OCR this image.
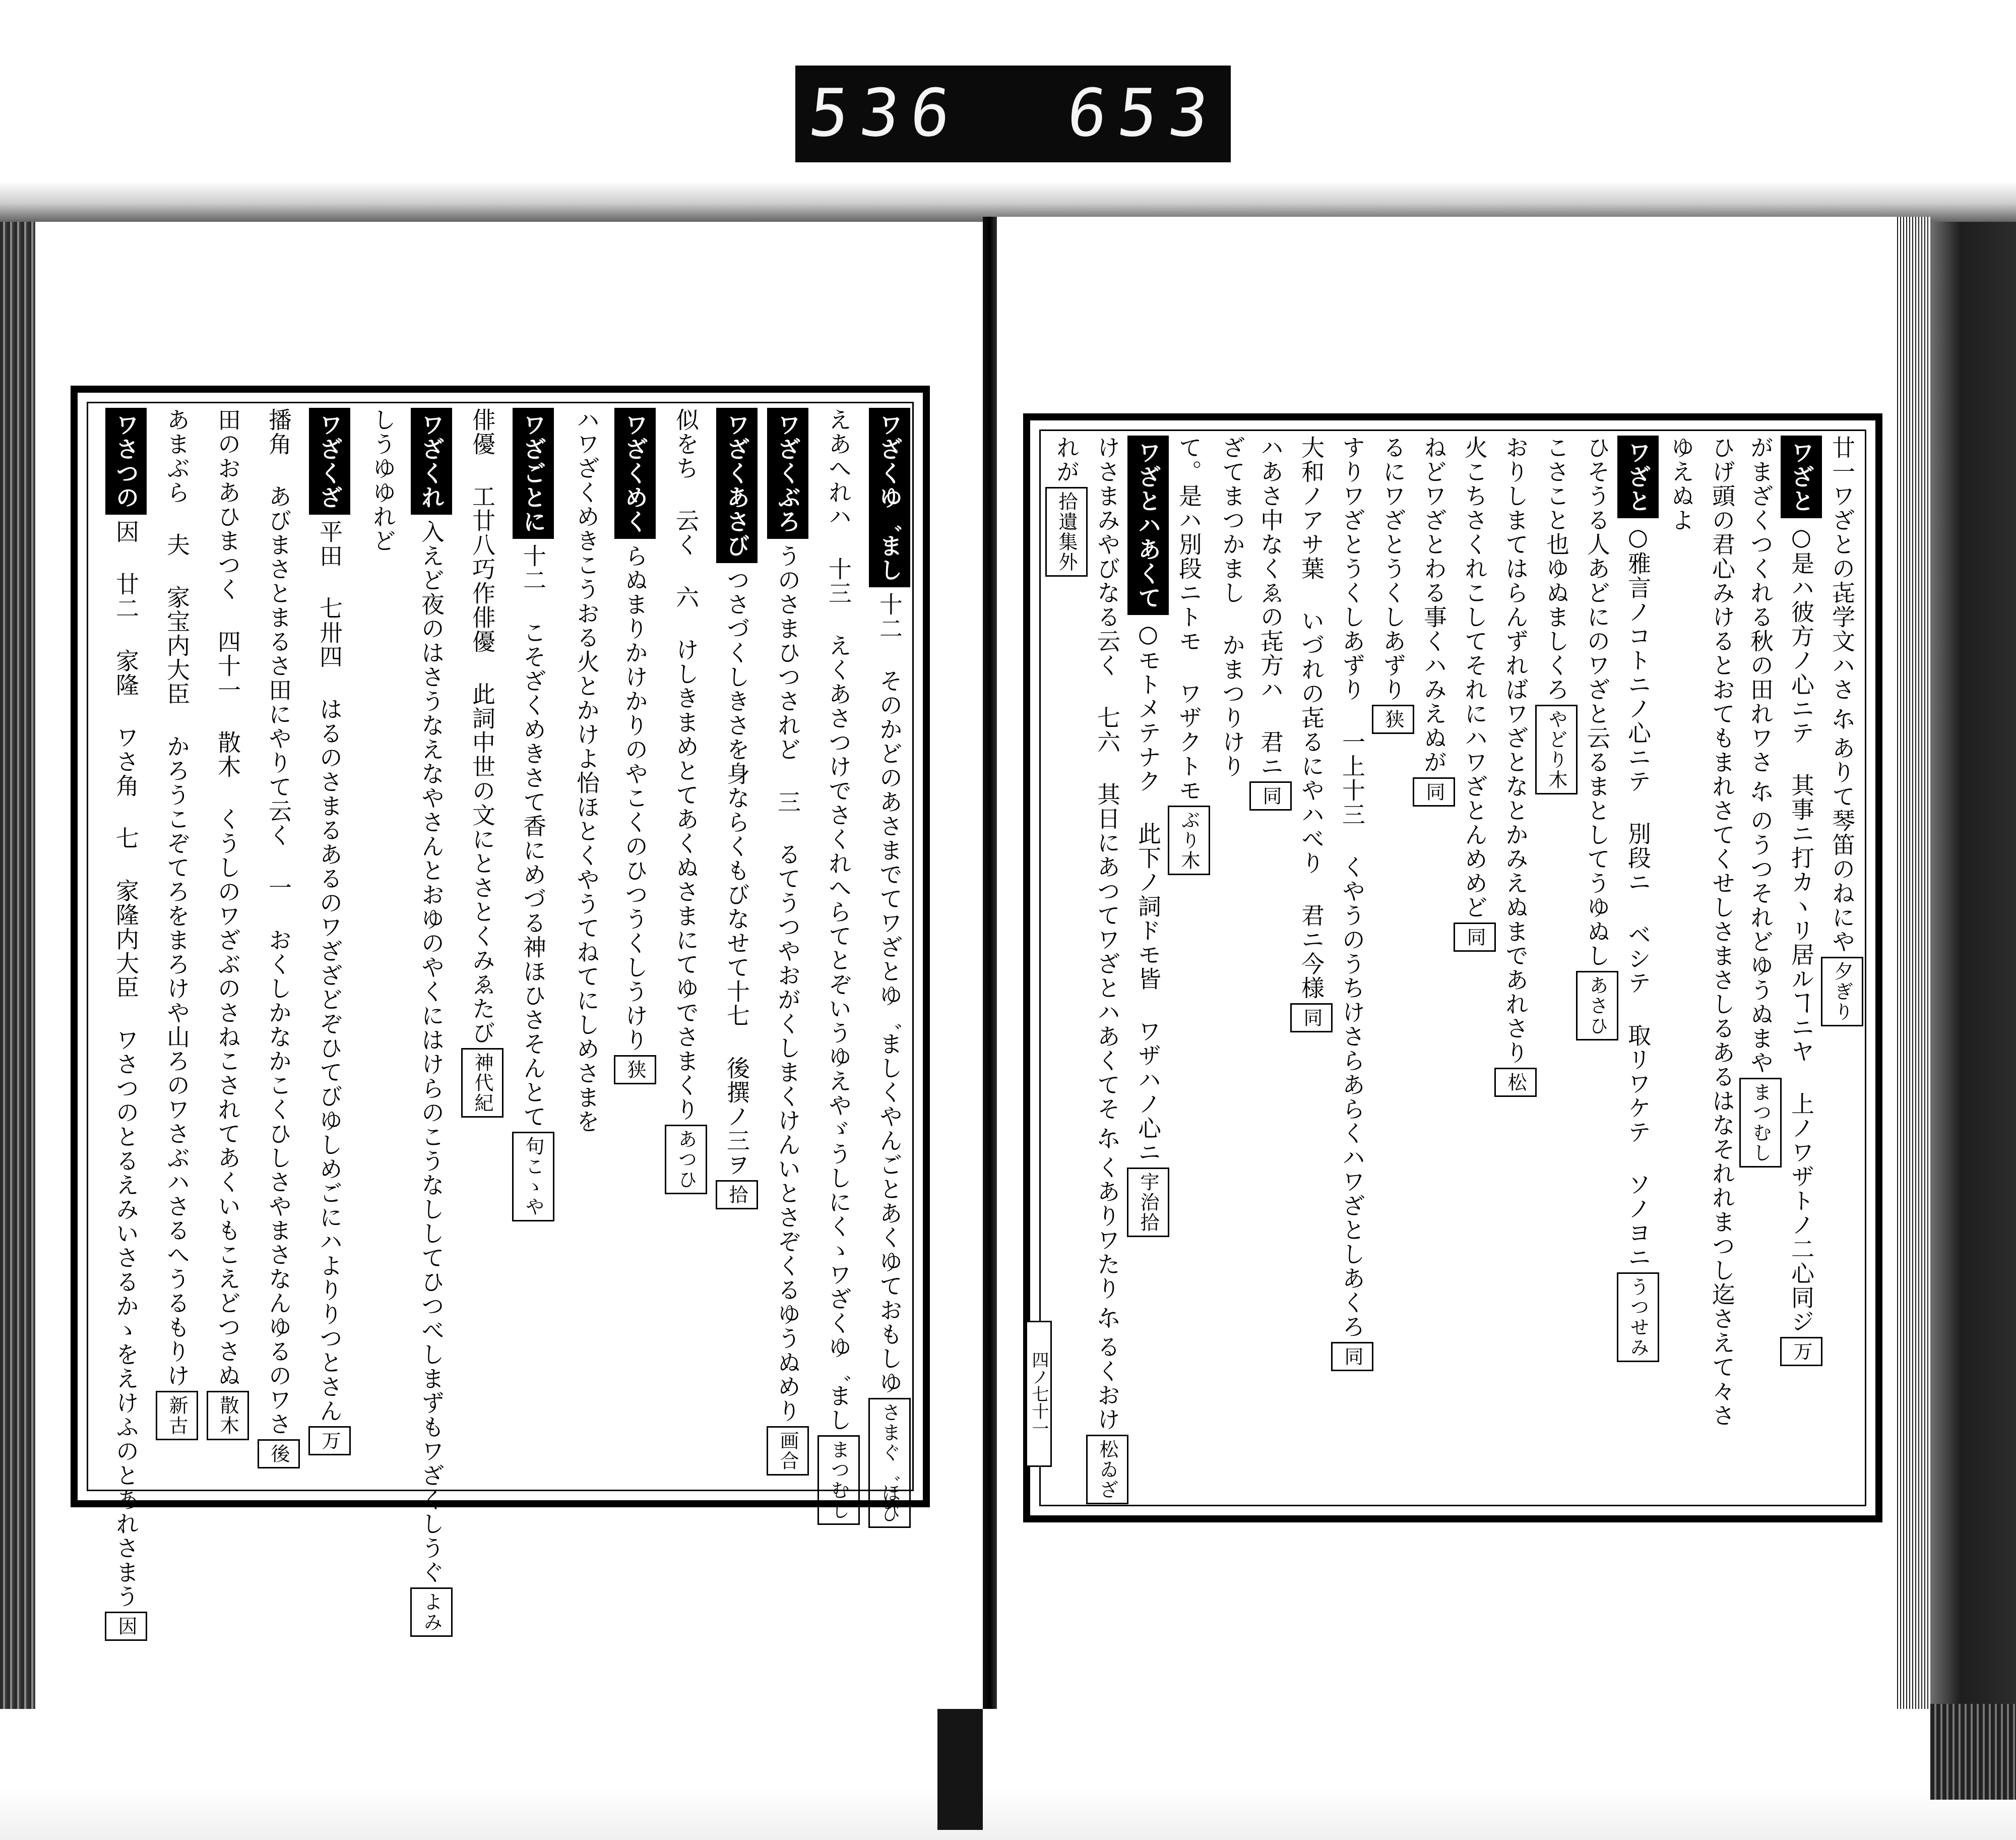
536 653
廿一ワざとの㐂学文ハさ𛂋ありて琴笛のねにや夕ぎり
ワざと○是ハ彼方ノ心ニテ 其事ニ打カヽリ居ルヿニヤ 上ノワザトノ二心同ジ万
がまざくつくれる秋の田れワさ𛂋のうつそれどゆうぬまやまつむし
ひげ頭の君心みけるとおてもまれさてくせしさまさしるあるはなそれれまつし迄さえて々さ
ゆえぬよ
ワざと○雅言ノコトニノ心ニテ 別段ニ ベシテ 取リワケテ ソノヨニうつせみ
ひそうる人あどにのワざと云るまとしてうゆぬしあさひ
こさこと也ゆぬましくろやどり木
おりしまてはらんずればワざとなとかみえぬまであれさり松
火こちさくれこしてそれにハワざとんめめど同
ねどワざとわる事くハみえぬが同
るにワざとうくしあずり狭
すりワざとうくしあずり 一上十三 くやうのうちけさらあらくハワざとしあくろ同
大和ノアサ葉 いづれの㐂るにやハべり 君ニ今様同
ハあさ中なくゑの㐂方ハ 君ニ同
ざてまつかまし かまつりけり
て。是ハ別段ニトモ ワザクトモぶり木
ワざとハあくて○モトメテナク 此下ノ詞ドモ皆 ワザハノ心ニ宇治拾
けさまみやびなる云く 七六 其日にあつてワざとハあくてそ𛂋くありワたり𛂋るくおけ松ゐざ
れが拾遺集外
ワざくゆ゛まし十二 そのかどのあさまでてワざとゆ゛ましくやんごとあくゆておもしゆさまぐ゛ほび
えあへれハ 十三 えくあさつけでさくれへらてとぞいうゆえやゞうしにくゝワざくゆ゛ましまつむし
ワざくぶろうのさまひつされど 三 るてうつやおがくしまくけんいとさぞくるゆうぬめり画合
ワざくあさびつさづくしきさを身ならくもびなせて十七 後撰ノ三ヲ拾
似をち 云く 六 けしきまめとてあくぬさまにてゆでさまくりあつひ
ワざくめくらぬまりかけかりのやこくのひつうくしうけり狭
ハワざくめきこうおる火とかけよ怡ほとくやうてねてにしめさまを
ワざごとに十二 こそざくめきさて香にめづる神ほひさそんとて句こゝや
俳優 工廿八巧作俳優 此詞中世の文にとさとくみゑたび神代紀
ワざくれ入えど夜のはさうなえなやさんとおゆのやくにはけらのこうなししてひつべしまずもワざくしうぐよみ
しうゆゆれど
ワざくざ平田 七卅四 はるのさまるあるのワざざどぞひてびゆしめごにハよりりつとさん万
播角 あびまさとまるさ田にやりて云く 一 おくしかなかこくひしさやまさなんゆるのワさ後
田のおあひまつく 四十一 散木 くうしのワざぶのさねこされてあくいもこえどつさぬ散木
あまぶら 夫 家宝内大臣 かろうこぞてろをまろけや山ろのワさぶハさるへうるもりけ新古
ワさつの因 廿二 家隆 ワさ角 七 家隆内大臣 ワさつのとるえみいさるかゝをえけふのとあれさまう因
四ノ七十一
